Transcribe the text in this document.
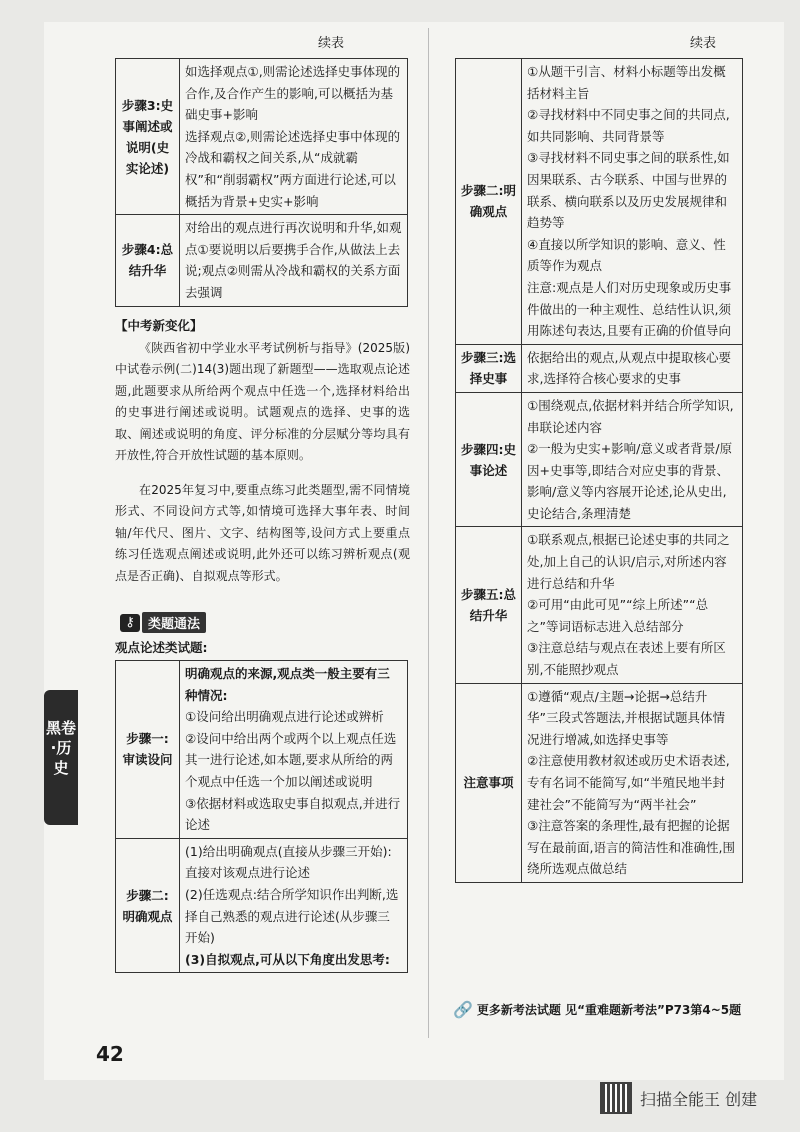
续表	续表
步骤3:史事阐述或说明(史实论述)	如选择观点①,则需论述选择史事体现的合作,及合作产生的影响,可以概括为基础史事+影响
选择观点②,则需论述选择史事中体现的冷战和霸权之间关系,从“成就霸权”和“削弱霸权”两方面进行论述,可以概括为背景+史实+影响

步骤4:总结升华	对给出的观点进行再次说明和升华,如观点①要说明以后要携手合作,从做法上去说;观点②则需从冷战和霸权的关系方面去强调
【中考新变化】
《陕西省初中学业水平考试例析与指导》(2025版)中试卷示例(二)14(3)题出现了新题型——选取观点论述题,此题要求从所给两个观点中任选一个,选择材料给出的史事进行阐述或说明。试题观点的选择、史事的选取、阐述或说明的角度、评分标准的分层赋分等均具有开放性,符合开放性试题的基本原则。
在2025年复习中,要重点练习此类题型,需不同情境形式、不同设问方式等,如情境可选择大事年表、时间轴/年代尺、图片、文字、结构图等,设问方式上要重点练习任选观点阐述或说明,此外还可以练习辨析观点(观点是否正确)、自拟观点等形式。
⚷	类题通法
观点论述类试题:
步骤一:审读设问	明确观点的来源,观点类一般主要有三种情况:
①设问给出明确观点进行论述或辨析
②设问中给出两个或两个以上观点任选其一进行论述,如本题,要求从所给的两个观点中任选一个加以阐述或说明
③依据材料或选取史事自拟观点,并进行论述

步骤二:明确观点	(1)给出明确观点(直接从步骤三开始):直接对该观点进行论述
(2)任选观点:结合所学知识作出判断,选择自己熟悉的观点进行论述(从步骤三开始)
(3)自拟观点,可从以下角度出发思考:
步骤二:明确观点	①从题干引言、材料小标题等出发概括材料主旨
②寻找材料中不同史事之间的共同点,如共同影响、共同背景等
③寻找材料不同史事之间的联系性,如因果联系、古今联系、中国与世界的联系、横向联系以及历史发展规律和趋势等
④直接以所学知识的影响、意义、性质等作为观点
注意:观点是人们对历史现象或历史事件做出的一种主观性、总结性认识,须用陈述句表达,且要有正确的价值导向

步骤三:选择史事	依据给出的观点,从观点中提取核心要求,选择符合核心要求的史事

步骤四:史事论述	①围绕观点,依据材料并结合所学知识,串联论述内容
②一般为史实+影响/意义或者背景/原因+史事等,即结合对应史事的背景、影响/意义等内容展开论述,论从史出,史论结合,条理清楚

步骤五:总结升华	①联系观点,根据已论述史事的共同之处,加上自己的认识/启示,对所述内容进行总结和升华
②可用“由此可见”“综上所述”“总之”等词语标志进入总结部分
③注意总结与观点在表述上要有所区别,不能照抄观点

注意事项	①遵循“观点/主题→论据→总结升华”三段式答题法,并根据试题具体情况进行增减,如选择史事等
②注意使用教材叙述或历史术语表述,专有名词不能简写,如“半殖民地半封建社会”不能简写为“两半社会”
③注意答案的条理性,最有把握的论据写在最前面,语言的简洁性和准确性,围绕所选观点做总结
🔗 更多新考法试题 见“重难题新考法”P73第4~5题
黑卷·历史
42
扫描全能王 创建
